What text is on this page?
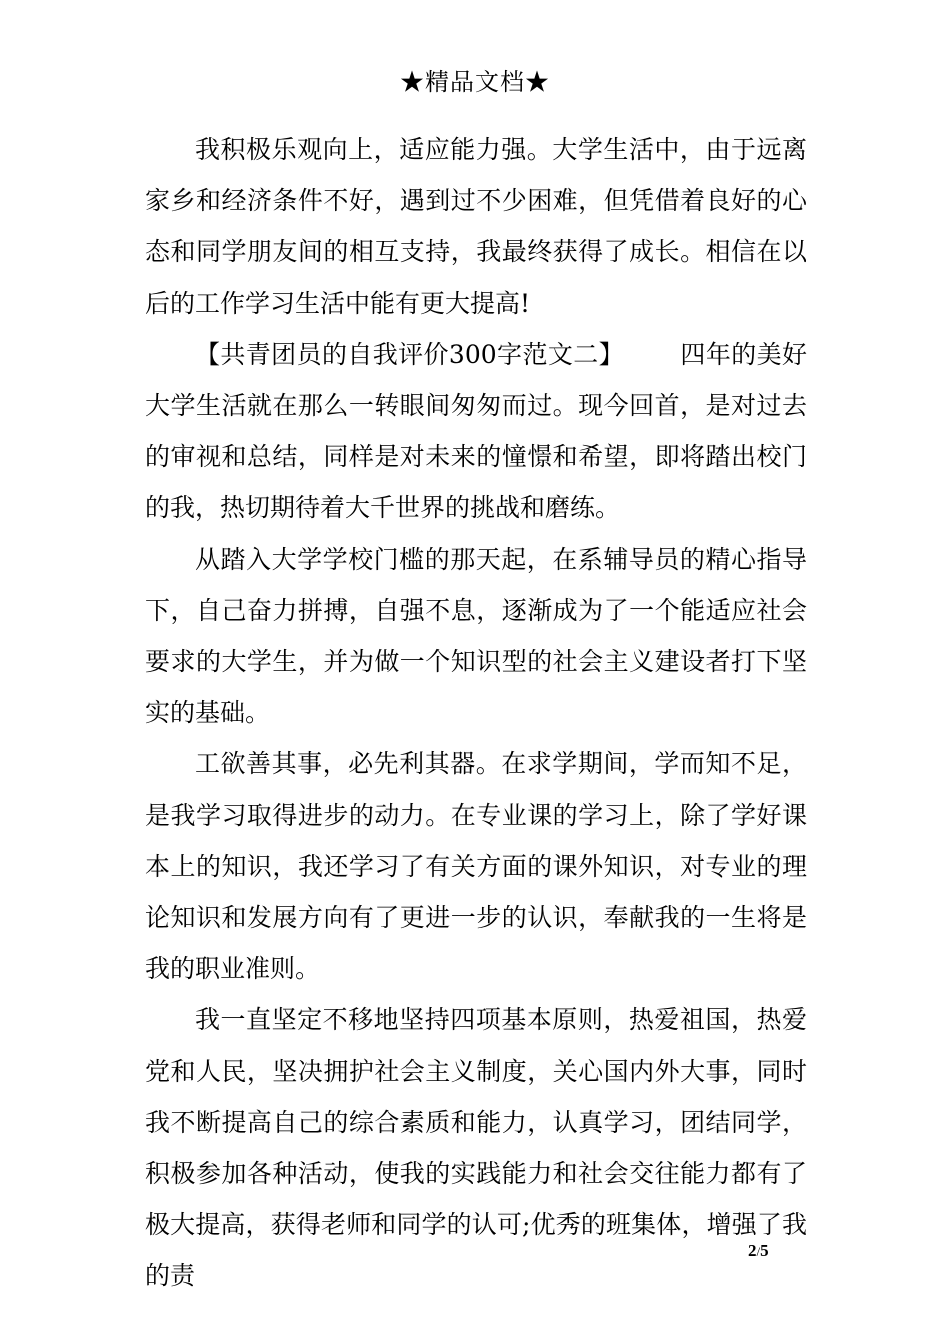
★精品文档★

我积极乐观向上，适应能力强。大学生活中，由于远离家乡和经济条件不好，遇到过不少困难，但凭借着良好的心态和同学朋友间的相互支持，我最终获得了成长。相信在以后的工作学习生活中能有更大提高!

【共青团员的自我评价300字范文二】 四年的美好大学生活就在那么一转眼间匆匆而过。现今回首，是对过去的审视和总结，同样是对未来的憧憬和希望，即将踏出校门的我，热切期待着大千世界的挑战和磨练。

从踏入大学学校门槛的那天起，在系辅导员的精心指导下，自己奋力拼搏，自强不息，逐渐成为了一个能适应社会要求的大学生，并为做一个知识型的社会主义建设者打下坚实的基础。

工欲善其事，必先利其器。在求学期间，学而知不足，是我学习取得进步的动力。在专业课的学习上，除了学好课本上的知识，我还学习了有关方面的课外知识，对专业的理论知识和发展方向有了更进一步的认识，奉献我的一生将是我的职业准则。

我一直坚定不移地坚持四项基本原则，热爱祖国，热爱党和人民，坚决拥护社会主义制度，关心国内外大事，同时我不断提高自己的综合素质和能力，认真学习，团结同学，积极参加各种活动，使我的实践能力和社会交往能力都有了极大提高，获得老师和同学的认可;优秀的班集体，增强了我的责

2/5
